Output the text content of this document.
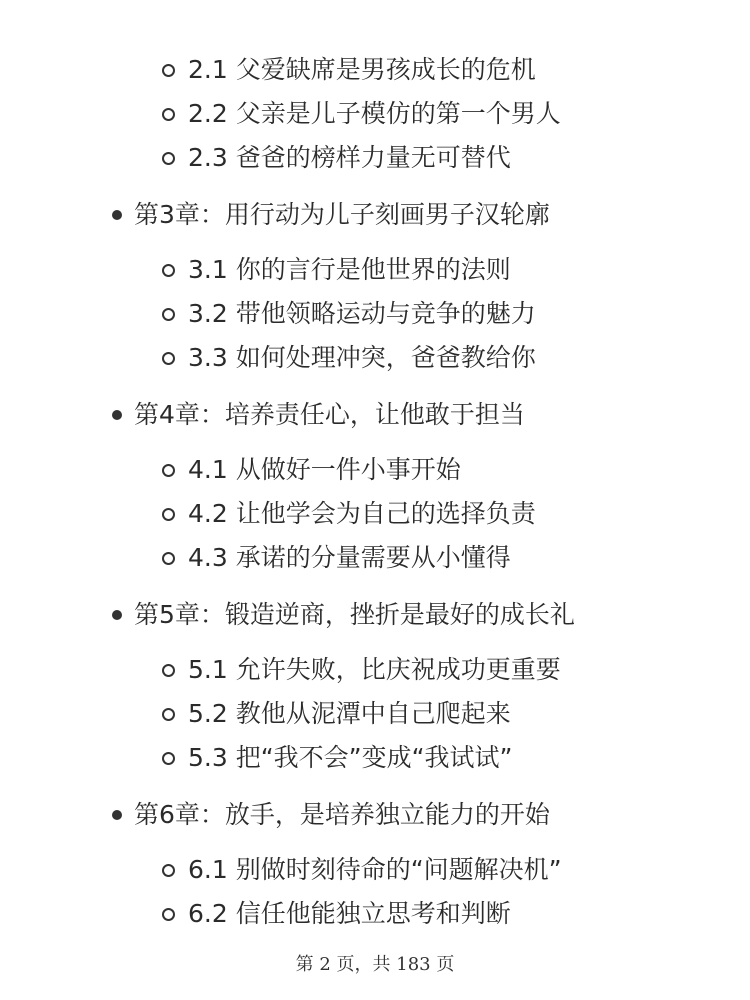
2.1 父爱缺席是男孩成长的危机
2.2 父亲是儿子模仿的第一个男人
2.3 爸爸的榜样力量无可替代
第3章：用行动为儿子刻画男子汉轮廓
3.1 你的言行是他世界的法则
3.2 带他领略运动与竞争的魅力
3.3 如何处理冲突，爸爸教给你
第4章：培养责任心，让他敢于担当
4.1 从做好一件小事开始
4.2 让他学会为自己的选择负责
4.3 承诺的分量需要从小懂得
第5章：锻造逆商，挫折是最好的成长礼
5.1 允许失败，比庆祝成功更重要
5.2 教他从泥潭中自己爬起来
5.3 把“我不会”变成“我试试”
第6章：放手，是培养独立能力的开始
6.1 别做时刻待命的“问题解决机”
6.2 信任他能独立思考和判断
第 2 页，共 183 页
